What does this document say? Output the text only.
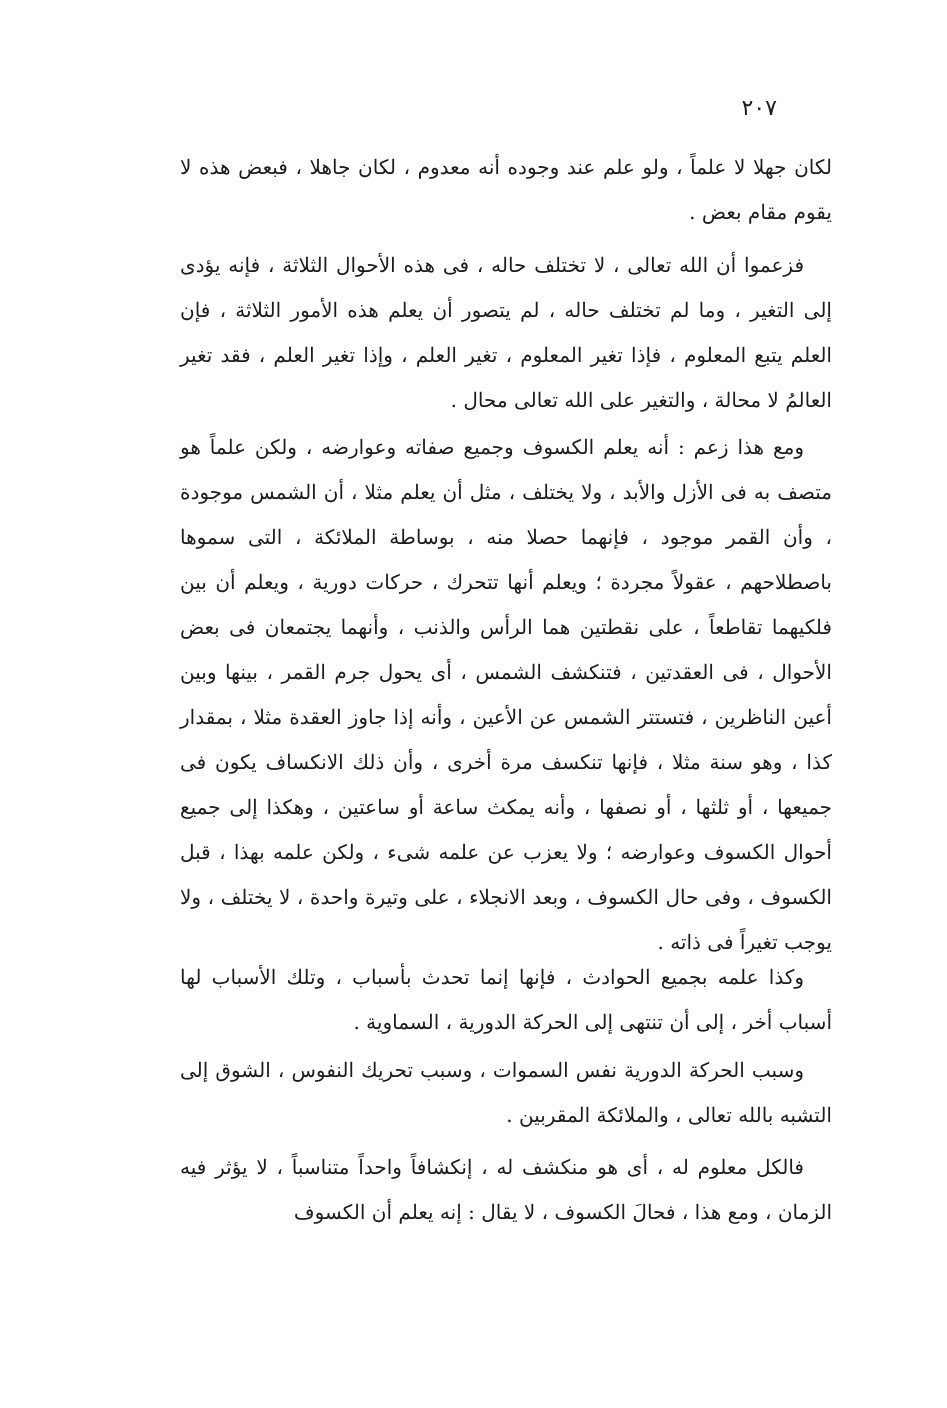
٢٠٧

لكان جهلا لا علماً ، ولو علم عند وجوده أنه معدوم ، لكان جاهلا ، فبعض هذه لا يقوم مقام بعض .

فزعموا أن الله تعالى ، لا تختلف حاله ، فى هذه الأحوال الثلاثة ، فإنه يؤدى إلى التغير ، وما لم تختلف حاله ، لم يتصور أن يعلم هذه الأمور الثلاثة ، فإن العلم يتبع المعلوم ، فإذا تغير المعلوم ، تغير العلم ، وإذا تغير العلم ، فقد تغير العالمُ لا محالة ، والتغير على الله تعالى محال .

ومع هذا زعم : أنه يعلم الكسوف وجميع صفاته وعوارضه ، ولكن علماً هو متصف به فى الأزل والأبد ، ولا يختلف ، مثل أن يعلم مثلا ، أن الشمس موجودة ، وأن القمر موجود ، فإنهما حصلا منه ، بوساطة الملائكة ، التى سموها باصطلاحهم ، عقولاً مجردة ؛ ويعلم أنها تتحرك ، حركات دورية ، ويعلم أن بين فلكيهما تقاطعاً ، على نقطتين هما الرأس والذنب ، وأنهما يجتمعان فى بعض الأحوال ، فى العقدتين ، فتنكشف الشمس ، أى يحول جرم القمر ، بينها وبين أعين الناظرين ، فتستتر الشمس عن الأعين ، وأنه إذا جاوز العقدة مثلا ، بمقدار كذا ، وهو سنة مثلا ، فإنها تنكسف مرة أخرى ، وأن ذلك الانكساف يكون فى جميعها ، أو ثلثها ، أو نصفها ، وأنه يمكث ساعة أو ساعتين ، وهكذا إلى جميع أحوال الكسوف وعوارضه ؛ ولا يعزب عن علمه شىء ، ولكن علمه بهذا ، قبل الكسوف ، وفى حال الكسوف ، وبعد الانجلاء ، على وتيرة واحدة ، لا يختلف ، ولا يوجب تغيراً فى ذاته .

وكذا علمه بجميع الحوادث ، فإنها إنما تحدث بأسباب ، وتلك الأسباب لها أسباب أخر ، إلى أن تنتهى إلى الحركة الدورية ، السماوية .

وسبب الحركة الدورية نفس السموات ، وسبب تحريك النفوس ، الشوق إلى التشبه بالله تعالى ، والملائكة المقربين .

فالكل معلوم له ، أى هو منكشف له ، إنكشافاً واحداً متناسباً ، لا يؤثر فيه الزمان ، ومع هذا ، فحالَ الكسوف ، لا يقال : إنه يعلم أن الكسوف
